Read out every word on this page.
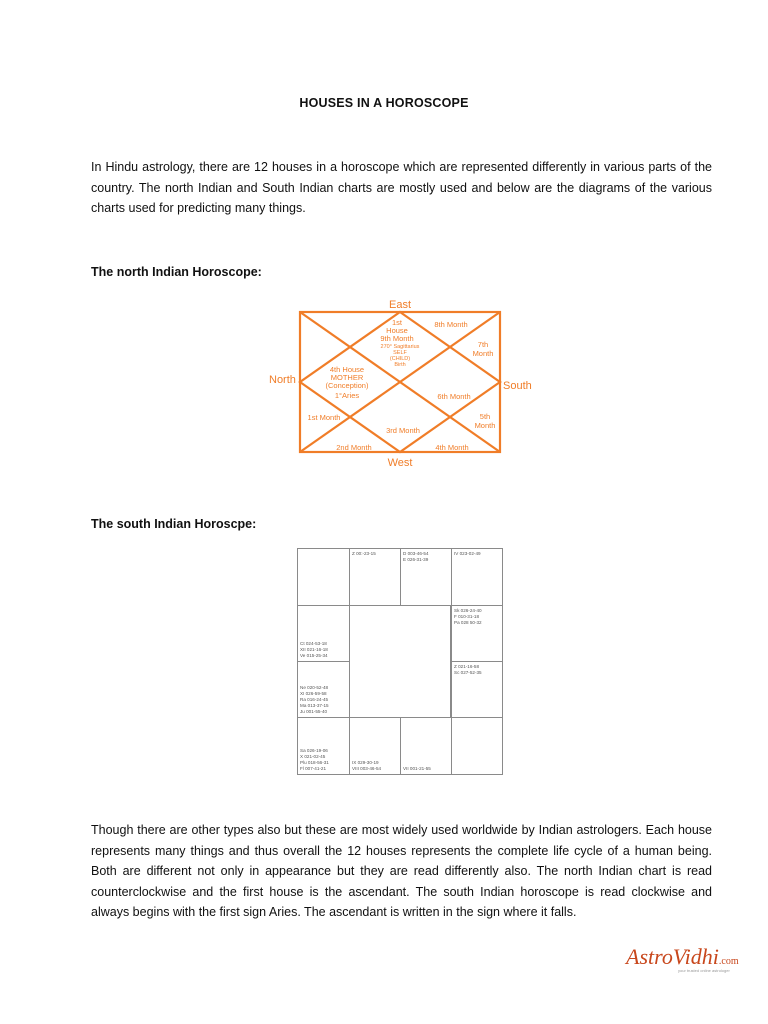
HOUSES IN A HOROSCOPE
In Hindu astrology, there are 12 houses in a horoscope which are represented differently in various parts of the country. The north Indian and South Indian charts are mostly used and below are the diagrams of the various charts used for predicting many things.
The north Indian Horoscope:
East
West
North	South
1st
House
9th Month
270° Sagittarius
SELF
(CHILD)
Birth
8th Month
7th
Month
4th House
MOTHER
(Conception)
1°Aries	6th Month
1st Month
3rd Month
5th
Month
2nd Month	4th Month
The south Indian Horoscpe:
Z 00:-23-15	D 003-46-54
E 026-31-39
IV 023-02-49
Ct 024-53-18
XII 021-16-18
Ve 015-25-34
Sk 026-24-40
F 010-31-18
Pa 028 50-32
Ne 020-52-48
XI 026-59-58
Ra 016-24-45
Ma 013-37-15
Ju 001-55-40
Z 021-16-58
Sc 027-52-35
Sa 026-19-06
X 021-02-45
Plu 018-56-31
Fl 007-41-21
IX 029-30-19
VIII 003-46-54	VII 001-21-55
Though there are other types also but these are most widely used worldwide by Indian astrologers. Each house represents many things and thus overall the 12 houses represents the complete life cycle of a human being. Both are different not only in appearance but they are read differently also. The north Indian chart is read counterclockwise and the first house is the ascendant. The south Indian horoscope is read clockwise and always begins with the first sign Aries. The ascendant is written in the sign where it falls.
AstroVidhi.com
your trusted online astrologer
